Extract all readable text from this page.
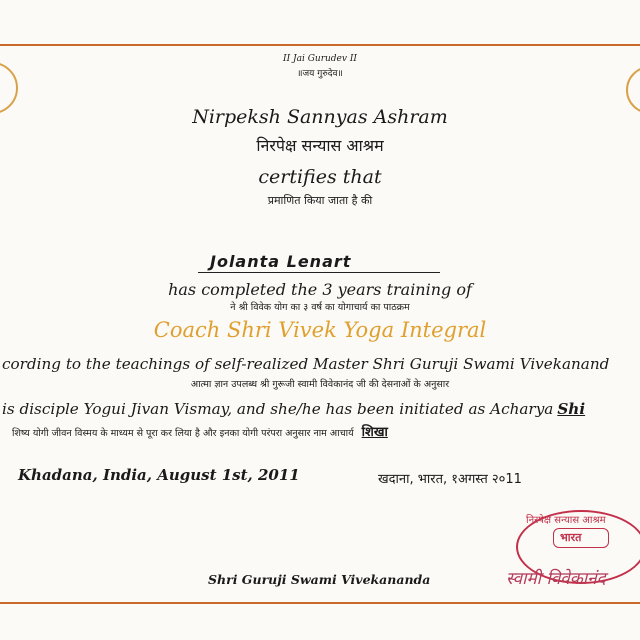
II Jai Gurudev II
॥जय गुरुदेव॥
Nirpeksh Sannyas Ashram
निरपेक्ष सन्यास आश्रम
certifies that
प्रमाणित किया जाता है की
Jolanta Lenart
has completed the 3 years training of
ने श्री विवेक योग का ३ वर्ष का योगाचार्य का पाठक्रम
Coach Shri Vivek Yoga Integral
cording to the teachings of self-realized Master Shri Guruji Swami Vivekanand
आत्मा ज्ञान उपलब्ध श्री गुरूजी स्वामी विवेकानंद जी की देसनाओं के अनुसार
is disciple Yogui Jivan Vismay, and she/he has been initiated as Acharya Shi
शिष्य योगी जीवन विस्मय के माध्यम से पूरा कर लिया है और इनका योगी परंपरा अनुसार नाम आचार्य शिखा
Khadana, India, August 1st, 2011	खदाना, भारत, १अगस्त २०11
निरपेक्ष सन्यास आश्रम
भारत
स्वामी विवेकानंद
Shri Guruji Swami Vivekananda
